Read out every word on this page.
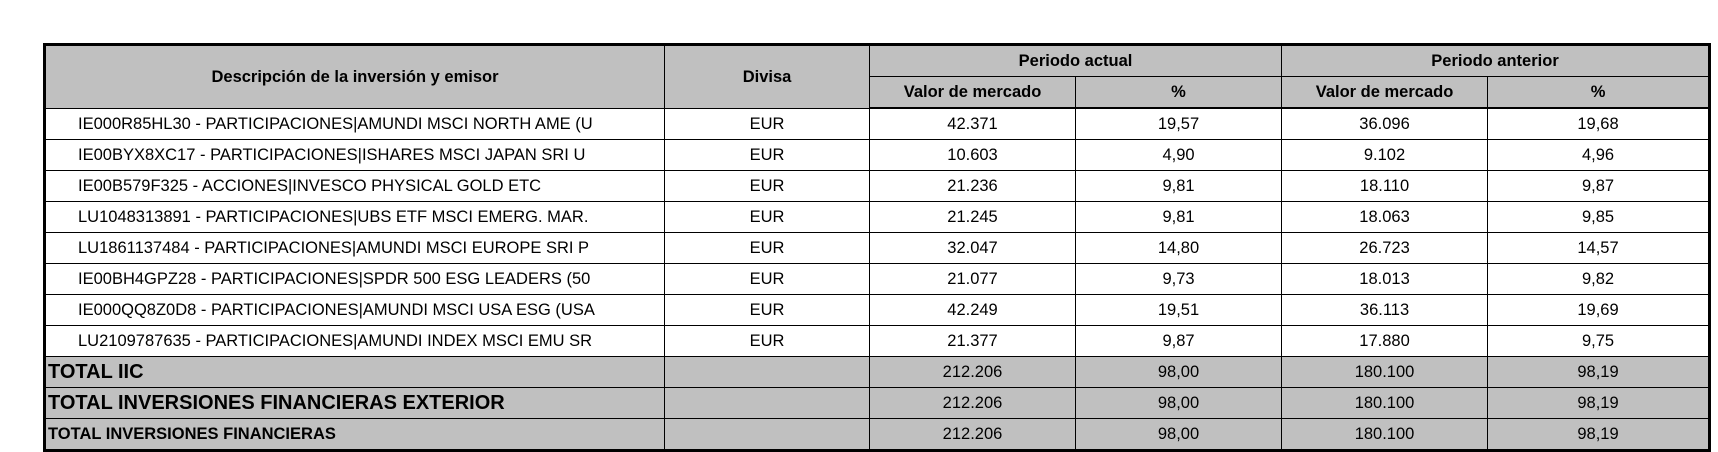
Descripción de la inversión y emisor	Divisa	Periodo actual		Periodo anterior	
		Valor de mercado	%	Valor de mercado	%
IE000R85HL30 - PARTICIPACIONES|AMUNDI MSCI NORTH AME (U	EUR	42.371	19,57	36.096	19,68
IE00BYX8XC17 - PARTICIPACIONES|ISHARES MSCI JAPAN SRI U	EUR	10.603	4,90	9.102	4,96
IE00B579F325 - ACCIONES|INVESCO PHYSICAL GOLD ETC	EUR	21.236	9,81	18.110	9,87
LU1048313891 - PARTICIPACIONES|UBS ETF MSCI EMERG. MAR.	EUR	21.245	9,81	18.063	9,85
LU1861137484 - PARTICIPACIONES|AMUNDI MSCI EUROPE SRI P	EUR	32.047	14,80	26.723	14,57
IE00BH4GPZ28 - PARTICIPACIONES|SPDR 500 ESG LEADERS (50	EUR	21.077	9,73	18.013	9,82
IE000QQ8Z0D8 - PARTICIPACIONES|AMUNDI MSCI USA ESG (USA	EUR	42.249	19,51	36.113	19,69
LU2109787635 - PARTICIPACIONES|AMUNDI INDEX MSCI EMU SR	EUR	21.377	9,87	17.880	9,75
TOTAL IIC		212.206	98,00	180.100	98,19
TOTAL INVERSIONES FINANCIERAS EXTERIOR		212.206	98,00	180.100	98,19
TOTAL INVERSIONES FINANCIERAS		212.206	98,00	180.100	98,19
